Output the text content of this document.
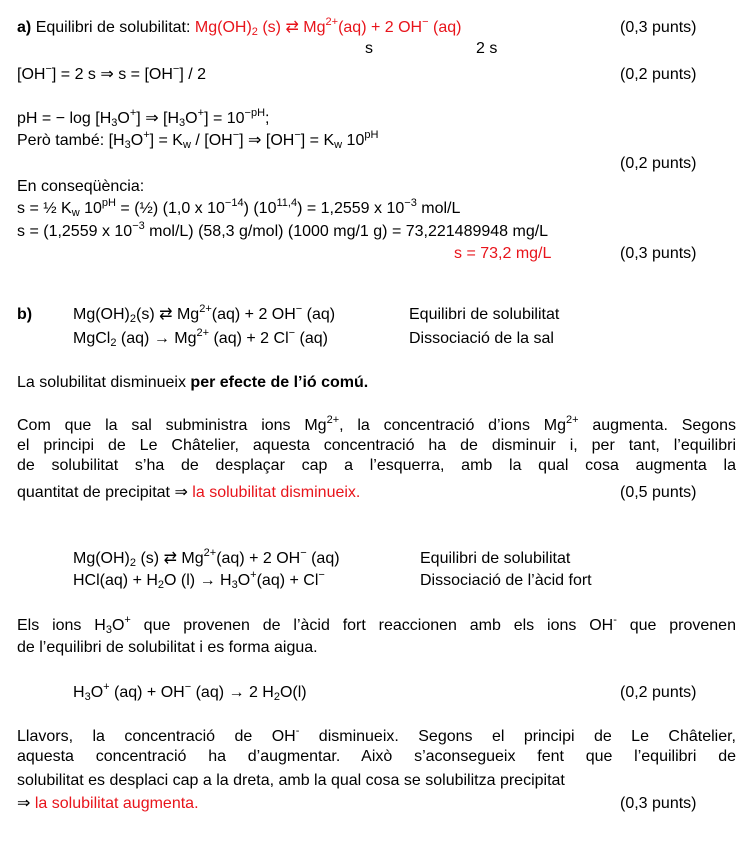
a) Equilibri de solubilitat: $Mg(OH)_2$ (s) ⇄ $Mg^{2+}(aq) + 2$ OH− (aq)	(0,3 punts)
s	2 s
[OH−] = 2 s ⇒ s = [OH−] / 2	(0,2 punts)
pH = − $\log [H_3O^+]$ ⇒ $[H_3O^+] = 10^{-pH}$;
Però també: $[H_3O^+] = K_w / [OH^-]$ ⇒ $[OH^-] = K_w$ $10^{pH}$
(0,2 punts)
En conseqüència:
s = ½ $K_w$ $10^{pH}$ = (½) (1,0 x $10^{-14}$) $(10^{11,4}) = 1,2559$ x $10^{-3}$ mol/L
s = (1,2559 x $10^{-3}$ mol/L) (58,3 g/mol) (1000 mg/1 g) = 73,221489948 mg/L
s = 73,2 mg/L	(0,3 punts)
b)	$Mg(OH)_2(s)$ ⇄ $Mg^{2+}(aq) + 2$ OH− (aq)	Equilibri de solubilitat
MgCl$_2$ $(aq) \to Mg^{2+}$ (aq) + 2 Cl− (aq)	Dissociació de la sal
La solubilitat disminueix per efecte de l’ió comú.
Com que la sal subministra ions $Mg^{2+}$, la concentració d’ions $Mg^{2+}$ augmenta. Segons
el principi de Le Châtelier, aquesta concentració ha de disminuir i, per tant, l’equilibri
de solubilitat s’ha de desplaçar cap a l’esquerra, amb la qual cosa augmenta la
quantitat de precipitat ⇒ la solubilitat disminueix.	(0,5 punts)
$Mg(OH)_2$ (s) ⇄ $Mg^{2+}(aq) + 2$ OH− (aq)	Equilibri de solubilitat
$HCl(aq) + H_2O$ $(l) \to H_3O^+(aq) + Cl^-$	Dissociació de l’àcid fort
Els ions $H_3O^+$ que provenen de l’àcid fort reaccionen amb els ions OH- que provenen
de l’equilibri de solubilitat i es forma aigua.
$H_3O^+$ (aq) + OH− (aq) → 2 $H_2O(l)$	(0,2 punts)
Llavors, la concentració de OH- disminueix. Segons el principi de Le Châtelier,
aquesta concentració ha d’augmentar. Això s’aconsegueix fent que l’equilibri de
solubilitat es desplaci cap a la dreta, amb la qual cosa se solubilitza precipitat
⇒ la solubilitat augmenta.	(0,3 punts)
